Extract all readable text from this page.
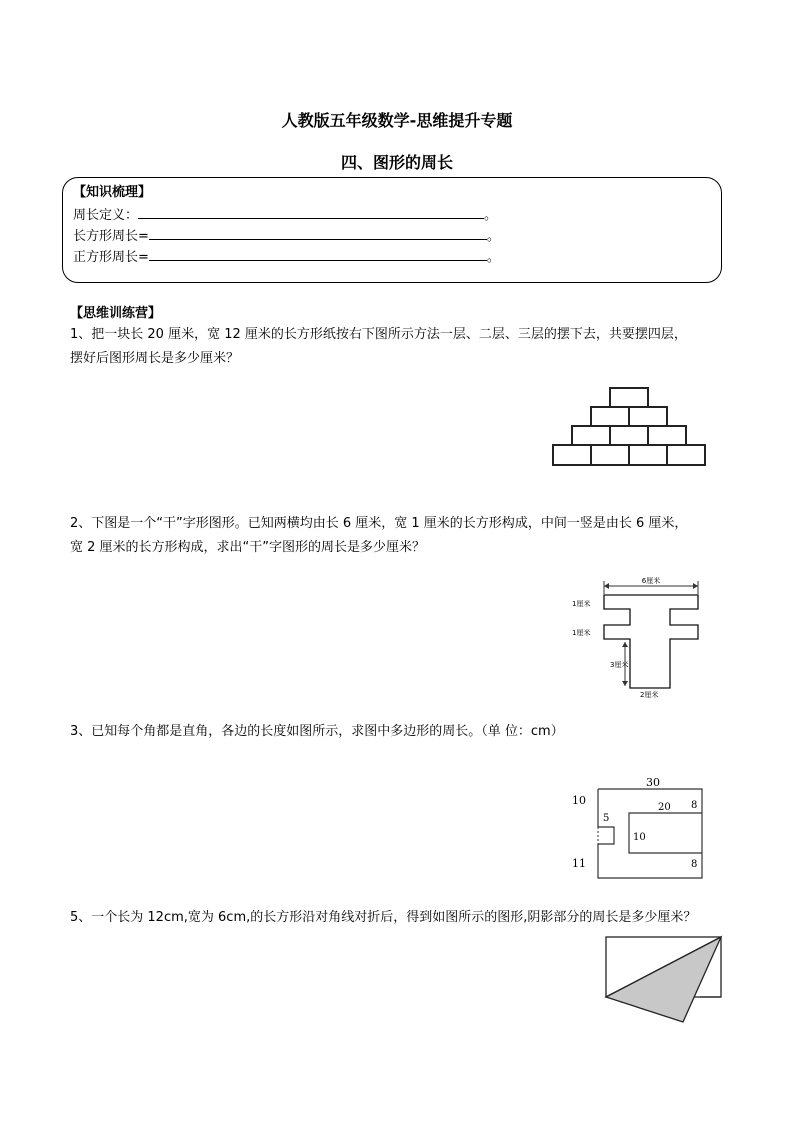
人教版五年级数学-思维提升专题
四、图形的周长
【知识梳理】
周长定义：	。
长方形周长=	。
正方形周长=	。
【思维训练营】
1、把一块长 20 厘米，宽 12 厘米的长方形纸按右下图所示方法一层、二层、三层的摆下去，共要摆四层，
摆好后图形周长是多少厘米？
2、下图是一个“干”字形图形。已知两横均由长 6 厘米，宽 1 厘米的长方形构成，中间一竖是由长 6 厘米，
宽 2 厘米的长方形构成，求出“干”字图形的周长是多少厘米？
6厘米
1厘米
1厘米
3厘米
2厘米
3、已知每个角都是直角，各边的长度如图所示，求图中多边形的周长。（单 位：cm）
30
10
11
8
8
20
10
5
5、一个长为 12cm,宽为 6cm,的长方形沿对角线对折后，得到如图所示的图形,阴影部分的周长是多少厘米？
